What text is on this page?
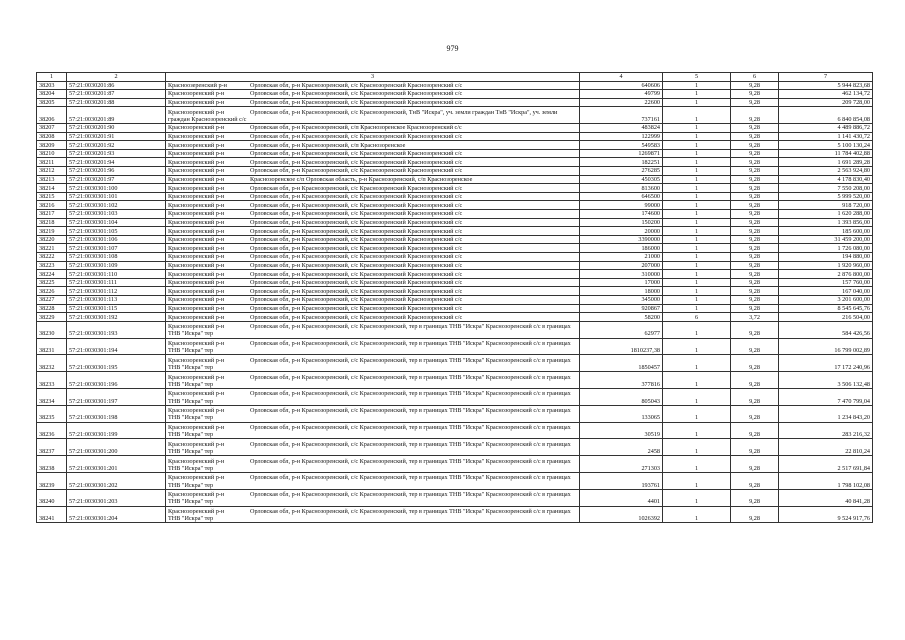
979
1	2	3	4	5	6	7
38203	57:21:0030201:86	Красноозеренский р-н Орловская обл, р-н Краснозоренский, с/с Краснозоренский Краснозоренский с/с	640606	1	9,28	5 944 823,68
38204	57:21:0030201:87	Краснозоренский р-н Орловская обл, р-н Краснозоренский, с/с Краснозоренский Краснозоренский с/с	49799	1	9,28	462 134,72
38205	57:21:0030201:88	Краснозоренский р-н Орловская обл, р-н Краснозоренский, с/с Краснозоренский Краснозоренский с/с	22600	1	9,28	209 728,00
38206	57:21:0030201:89	Краснозоренский р-н Орловская обл, р-н Краснозоренский, с/с Краснозоренский, ТнВ "Искра", уч. земли граждан ТнВ "Искра", уч. земли граждан Краснозоренский с/с	737161	1	9,28	6 840 854,08
38207	57:21:0030201:90	Краснозоренский р-н Орловская обл, р-н Краснозоренский, с/п Краснозоренское Краснозоренский с/с	483824	1	9,28	4 489 886,72
38208	57:21:0030201:91	Краснозоренский р-н Орловская обл, р-н Краснозоренский, с/с Краснозоренский Краснозоренский с/с	122999	1	9,28	1 141 430,72
38209	57:21:0030201:92	Краснозоренский р-н Орловская обл, р-н Краснозоренский, с/п Краснозоренское	549583	1	9,28	5 100 130,24
38210	57:21:0030201:93	Краснозоренский р-н Орловская обл, р-н Краснозоренский, с/с Краснозоренский Краснозоренский с/с	1269871	1	9,28	11 784 402,88
38211	57:21:0030201:94	Краснозоренский р-н Орловская обл, р-н Краснозоренский, с/с Краснозоренский Краснозоренский с/с	182251	1	9,28	1 691 289,28
38212	57:21:0030201:96	Краснозоренский р-н Орловская обл, р-н Краснозоренский, с/с Краснозоренский Краснозоренский с/с	276285	1	9,28	2 563 924,80
38213	57:21:0030201:97	Краснозоренский р-н Краснозоренское с/п Орловская область, р-н Краснозоренский, с/п Краснозоренское	450305	1	9,28	4 178 830,40
38214	57:21:0030301:100	Краснозоренский р-н Орловская обл, р-н Краснозоренский, с/с Краснозоренский Краснозоренский с/с	813600	1	9,28	7 550 208,00
38215	57:21:0030301:101	Краснозоренский р-н Орловская обл, р-н Краснозоренский, с/с Краснозоренский Краснозоренский с/с	646500	1	9,28	5 999 520,00
38216	57:21:0030301:102	Краснозоренский р-н Орловская обл, р-н Краснозоренский, с/с Краснозоренский Краснозоренский с/с	99000	1	9,28	918 720,00
38217	57:21:0030301:103	Краснозоренский р-н Орловская обл, р-н Краснозоренский, с/с Краснозоренский Краснозоренский с/с	174600	1	9,28	1 620 288,00
38218	57:21:0030301:104	Краснозоренский р-н Орловская обл, р-н Краснозоренский, с/с Краснозоренский Краснозоренский с/с	150200	1	9,28	1 393 856,00
38219	57:21:0030301:105	Краснозоренский р-н Орловская обл, р-н Краснозоренский, с/с Краснозоренский Краснозоренский с/с	20000	1	9,28	185 600,00
38220	57:21:0030301:106	Краснозоренский р-н Орловская обл, р-н Краснозоренский, с/с Краснозоренский Краснозоренский с/с	3390000	1	9,28	31 459 200,00
38221	57:21:0030301:107	Краснозоренский р-н Орловская обл, р-н Краснозоренский, с/с Краснозоренский Краснозоренский с/с	186000	1	9,28	1 726 080,00
38222	57:21:0030301:108	Краснозоренский р-н Орловская обл, р-н Краснозоренский, с/с Краснозоренский Краснозоренский с/с	21000	1	9,28	194 880,00
38223	57:21:0030301:109	Краснозоренский р-н Орловская обл, р-н Краснозоренский, с/с Краснозоренский Краснозоренский с/с	207000	1	9,28	1 920 960,00
38224	57:21:0030301:110	Краснозоренский р-н Орловская обл, р-н Краснозоренский, с/с Краснозоренский Краснозоренский с/с	310000	1	9,28	2 876 800,00
38225	57:21:0030301:111	Краснозоренский р-н Орловская обл, р-н Краснозоренский, с/с Краснозоренский Краснозоренский с/с	17000	1	9,28	157 760,00
38226	57:21:0030301:112	Краснозоренский р-н Орловская обл, р-н Краснозоренский, с/с Краснозоренский Краснозоренский с/с	18000	1	9,28	167 040,00
38227	57:21:0030301:113	Краснозоренский р-н Орловская обл, р-н Краснозоренский, с/с Краснозоренский Краснозоренский с/с	345000	1	9,28	3 201 600,00
38228	57:21:0030301:115	Краснозоренский р-н Орловская обл, р-н Краснозоренский, с/с Краснозоренский Краснозоренский с/с	920867	1	9,28	8 545 645,76
38229	57:21:0030301:192	Краснозоренский р-н Орловская обл, р-н Краснозоренский, с/с Краснозоренский Краснозоренский с/с	58200	6	3,72	216 504,00
38230	57:21:0030301:193	Краснозоренский р-н Орловская обл, р-н Краснозоренский, с/с Краснозоренский, тер в границах ТНВ "Искра" Краснозоренский с/с в границах ТНВ "Искра" тер	62977	1	9,28	584 426,56
38231	57:21:0030301:194	Краснозоренский р-н Орловская обл, р-н Краснозоренский, с/с Краснозоренский, тер в границах ТНВ "Искра" Краснозоренский с/с в границах ТНВ "Искра" тер	1810237,38	1	9,28	16 799 002,89
38232	57:21:0030301:195	Краснозоренский р-н Орловская обл, р-н Краснозоренский, с/с Краснозоренский, тер в границах ТНВ "Искра" Краснозоренский с/с в границах ТНВ "Искра" тер	1850457	1	9,28	17 172 240,96
38233	57:21:0030301:196	Краснозоренский р-н Орловская обл, р-н Краснозоренский, с/с Краснозоренский, тер в границах ТНВ "Искра" Краснозоренский с/с в границах ТНВ "Искра" тер	377816	1	9,28	3 506 132,48
38234	57:21:0030301:197	Краснозоренский р-н Орловская обл, р-н Краснозоренский, с/с Краснозоренский, тер в границах ТНВ "Искра" Краснозоренский с/с в границах ТНВ "Искра" тер	805043	1	9,28	7 470 799,04
38235	57:21:0030301:198	Краснозоренский р-н Орловская обл, р-н Краснозоренский, с/с Краснозоренский, тер в границах ТНВ "Искра" Краснозоренский с/с в границах ТНВ "Искра" тер	133065	1	9,28	1 234 843,20
38236	57:21:0030301:199	Краснозоренский р-н Орловская обл, р-н Краснозоренский, с/с Краснозоренский, тер в границах ТНВ "Искра" Краснозоренский с/с в границах ТНВ "Искра" тер	30519	1	9,28	283 216,32
38237	57:21:0030301:200	Краснозоренский р-н Орловская обл, р-н Краснозоренский, с/с Краснозоренский, тер в границах ТНВ "Искра" Краснозоренский с/с в границах ТНВ "Искра" тер	2458	1	9,28	22 810,24
38238	57:21:0030301:201	Краснозоренский р-н Орловская обл, р-н Краснозоренский, с/с Краснозоренский, тер в границах ТНВ "Искра" Краснозоренский с/с в границах ТНВ "Искра" тер	271303	1	9,28	2 517 691,84
38239	57:21:0030301:202	Краснозоренский р-н Орловская обл, р-н Краснозоренский, с/с Краснозоренский, тер в границах ТНВ "Искра" Краснозоренский с/с в границах ТНВ "Искра" тер	193761	1	9,28	1 798 102,08
38240	57:21:0030301:203	Краснозоренский р-н Орловская обл, р-н Краснозоренский, с/с Краснозоренский, тер в границах ТНВ "Искра" Краснозоренский с/с в границах ТНВ "Искра" тер	4401	1	9,28	40 841,28
38241	57:21:0030301:204	Краснозоренский р-н Орловская обл, р-н Краснозоренский, с/с Краснозоренский, тер в границах ТНВ "Искра" Краснозоренский с/с в границах ТНВ "Искра" тер	1026392	1	9,28	9 524 917,76
